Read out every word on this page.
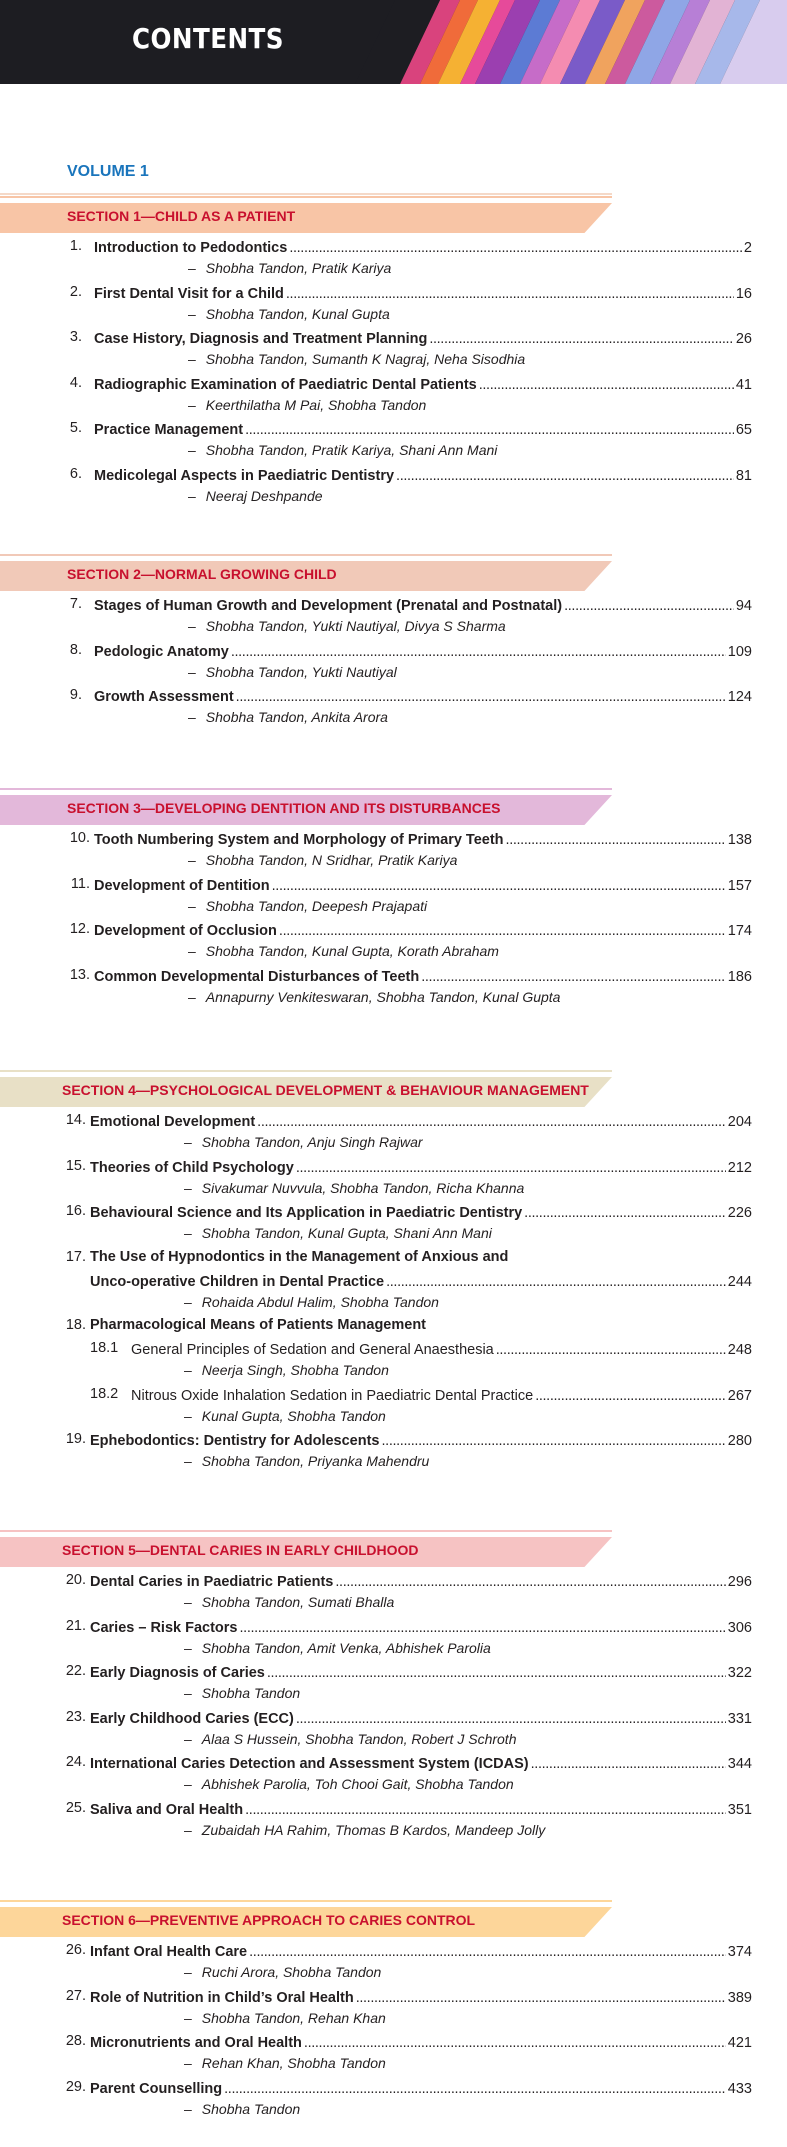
CONTENTS
VOLUME 1
SECTION 1—CHILD AS A PATIENT
1. Introduction to Pedodontics . . .	2
– Shobha Tandon, Pratik Kariya
2. First Dental Visit for a Child . . .	16
– Shobha Tandon, Kunal Gupta
3. Case History, Diagnosis and Treatment Planning . . .	26
– Shobha Tandon, Sumanth K Nagraj, Neha Sisodhia
4. Radiographic Examination of Paediatric Dental Patients . . .	41
– Keerthilatha M Pai, Shobha Tandon
5. Practice Management . . .	65
– Shobha Tandon, Pratik Kariya, Shani Ann Mani
6. Medicolegal Aspects in Paediatric Dentistry . . .	81
– Neeraj Deshpande
SECTION 2—NORMAL GROWING CHILD
7. Stages of Human Growth and Development (Prenatal and Postnatal) . . .	94
– Shobha Tandon, Yukti Nautiyal, Divya S Sharma
8. Pedologic Anatomy . . .	109
– Shobha Tandon, Yukti Nautiyal
9. Growth Assessment . . .	124
– Shobha Tandon, Ankita Arora
SECTION 3—DEVELOPING DENTITION AND ITS DISTURBANCES
10. Tooth Numbering System and Morphology of Primary Teeth . . .	138
– Shobha Tandon, N Sridhar, Pratik Kariya
11. Development of Dentition . . .	157
– Shobha Tandon, Deepesh Prajapati
12. Development of Occlusion . . .	174
– Shobha Tandon, Kunal Gupta, Korath Abraham
13. Common Developmental Disturbances of Teeth . . .	186
– Annapurny Venkiteswaran, Shobha Tandon, Kunal Gupta
SECTION 4—PSYCHOLOGICAL DEVELOPMENT & BEHAVIOUR MANAGEMENT
14. Emotional Development . . .	204
– Shobha Tandon, Anju Singh Rajwar
15. Theories of Child Psychology . . .	212
– Sivakumar Nuvvula, Shobha Tandon, Richa Khanna
16. Behavioural Science and Its Application in Paediatric Dentistry . . .	226
– Shobha Tandon, Kunal Gupta, Shani Ann Mani
17. The Use of Hypnodontics in the Management of Anxious and
Unco-operative Children in Dental Practice . . .	244
– Rohaida Abdul Halim, Shobha Tandon
18. Pharmacological Means of Patients Management
18.1 General Principles of Sedation and General Anaesthesia . . .	248
– Neerja Singh, Shobha Tandon
18.2 Nitrous Oxide Inhalation Sedation in Paediatric Dental Practice . . .	267
– Kunal Gupta, Shobha Tandon
19. Ephebodontics: Dentistry for Adolescents . . .	280
– Shobha Tandon, Priyanka Mahendru
SECTION 5—DENTAL CARIES IN EARLY CHILDHOOD
20. Dental Caries in Paediatric Patients . . .	296
– Shobha Tandon, Sumati Bhalla
21. Caries – Risk Factors . . .	306
– Shobha Tandon, Amit Venka, Abhishek Parolia
22. Early Diagnosis of Caries . . .	322
– Shobha Tandon
23. Early Childhood Caries (ECC) . . .	331
– Alaa S Hussein, Shobha Tandon, Robert J Schroth
24. International Caries Detection and Assessment System (ICDAS) . . .	344
– Abhishek Parolia, Toh Chooi Gait, Shobha Tandon
25. Saliva and Oral Health . . .	351
– Zubaidah HA Rahim, Thomas B Kardos, Mandeep Jolly
SECTION 6—PREVENTIVE APPROACH TO CARIES CONTROL
26. Infant Oral Health Care . . .	374
– Ruchi Arora, Shobha Tandon
27. Role of Nutrition in Child’s Oral Health . . .	389
– Shobha Tandon, Rehan Khan
28. Micronutrients and Oral Health . . .	421
– Rehan Khan, Shobha Tandon
29. Parent Counselling . . .	433
– Shobha Tandon
